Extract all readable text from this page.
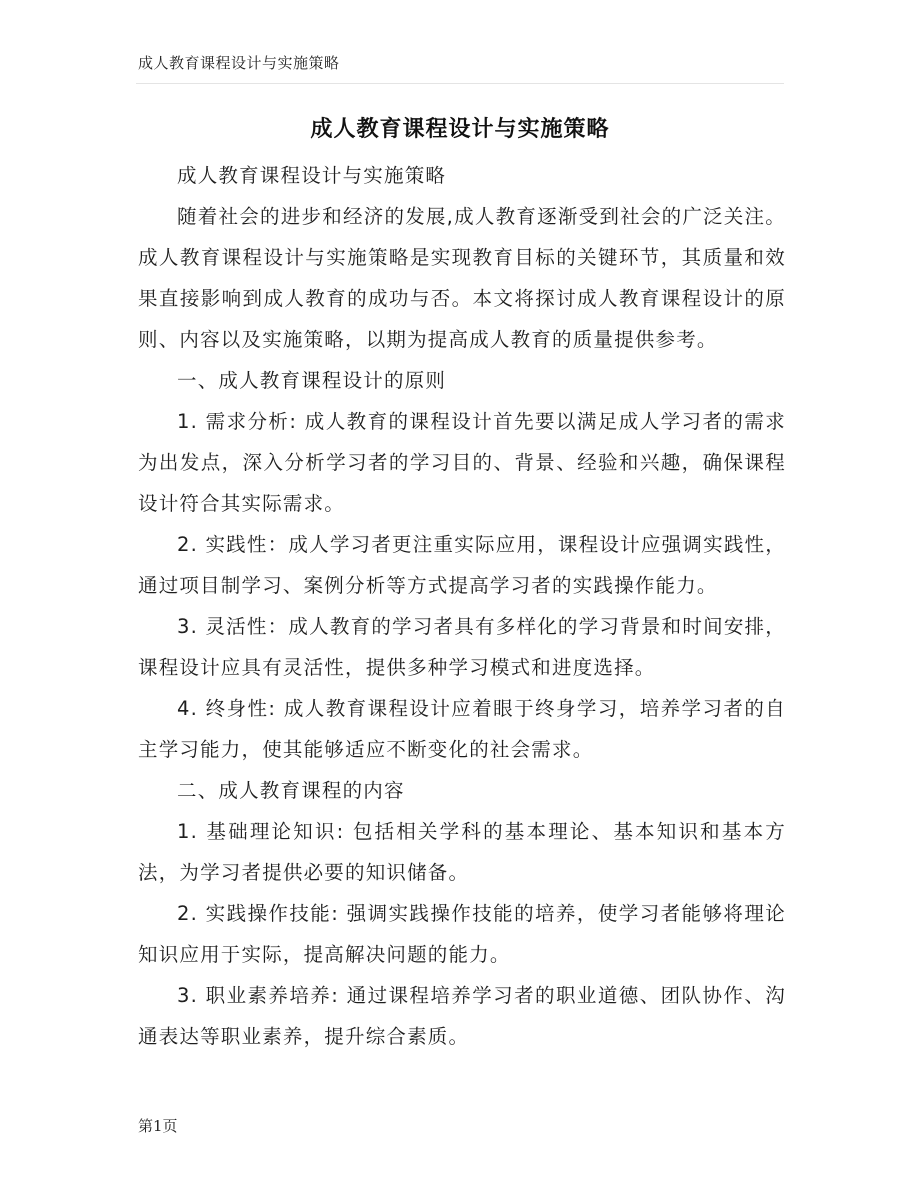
成人教育课程设计与实施策略
成人教育课程设计与实施策略

成人教育课程设计与实施策略

随着社会的进步和经济的发展,成人教育逐渐受到社会的广泛关注。成人教育课程设计与实施策略是实现教育目标的关键环节，其质量和效果直接影响到成人教育的成功与否。本文将探讨成人教育课程设计的原则、内容以及实施策略，以期为提高成人教育的质量提供参考。

一、成人教育课程设计的原则

1. 需求分析: 成人教育的课程设计首先要以满足成人学习者的需求为出发点，深入分析学习者的学习目的、背景、经验和兴趣，确保课程设计符合其实际需求。

2. 实践性：成人学习者更注重实际应用，课程设计应强调实践性，通过项目制学习、案例分析等方式提高学习者的实践操作能力。

3. 灵活性：成人教育的学习者具有多样化的学习背景和时间安排，课程设计应具有灵活性，提供多种学习模式和进度选择。

4. 终身性: 成人教育课程设计应着眼于终身学习，培养学习者的自主学习能力，使其能够适应不断变化的社会需求。

二、成人教育课程的内容

1. 基础理论知识: 包括相关学科的基本理论、基本知识和基本方法，为学习者提供必要的知识储备。

2. 实践操作技能: 强调实践操作技能的培养，使学习者能够将理论知识应用于实际，提高解决问题的能力。

3. 职业素养培养: 通过课程培养学习者的职业道德、团队协作、沟通表达等职业素养，提升综合素质。

第1页
